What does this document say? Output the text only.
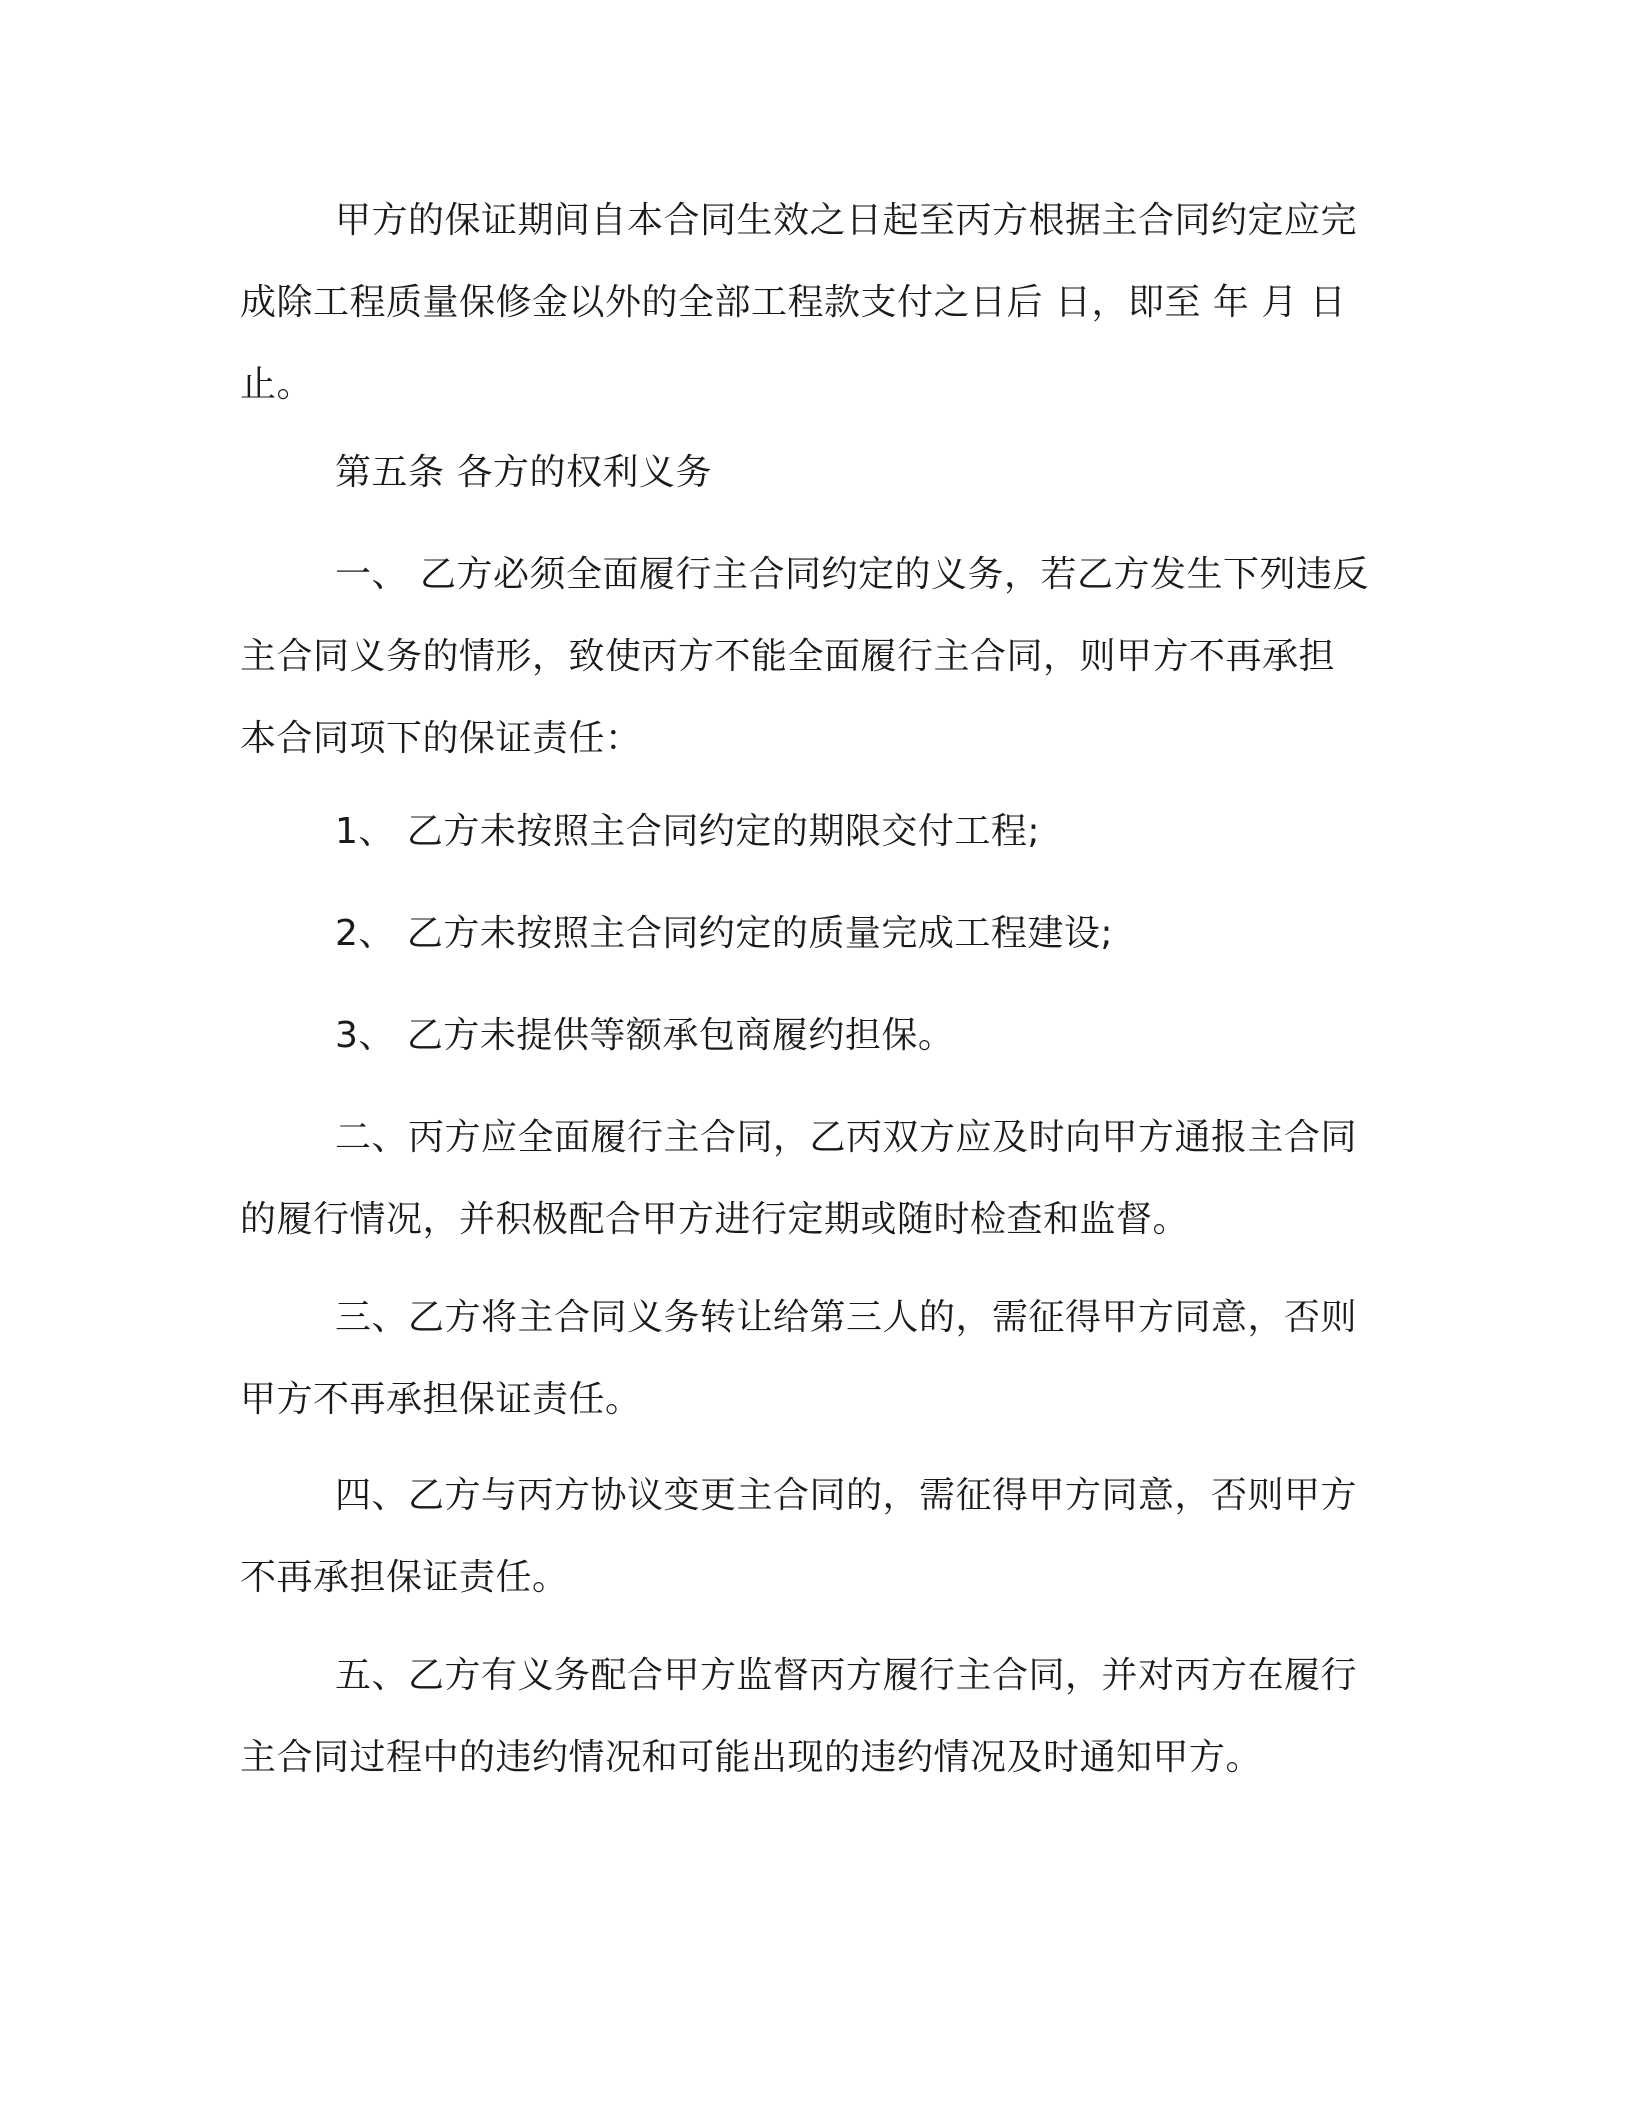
甲方的保证期间自本合同生效之日起至丙方根据主合同约定应完
成除工程质量保修金以外的全部工程款支付之日后 日，即至 年 月 日
止。
第五条 各方的权利义务
一、 乙方必须全面履行主合同约定的义务，若乙方发生下列违反
主合同义务的情形，致使丙方不能全面履行主合同，则甲方不再承担
本合同项下的保证责任：
1、 乙方未按照主合同约定的期限交付工程;
2、 乙方未按照主合同约定的质量完成工程建设;
3、 乙方未提供等额承包商履约担保。
二、丙方应全面履行主合同，乙丙双方应及时向甲方通报主合同
的履行情况，并积极配合甲方进行定期或随时检查和监督。
三、乙方将主合同义务转让给第三人的，需征得甲方同意，否则
甲方不再承担保证责任。
四、乙方与丙方协议变更主合同的，需征得甲方同意，否则甲方
不再承担保证责任。
五、乙方有义务配合甲方监督丙方履行主合同，并对丙方在履行
主合同过程中的违约情况和可能出现的违约情况及时通知甲方。
